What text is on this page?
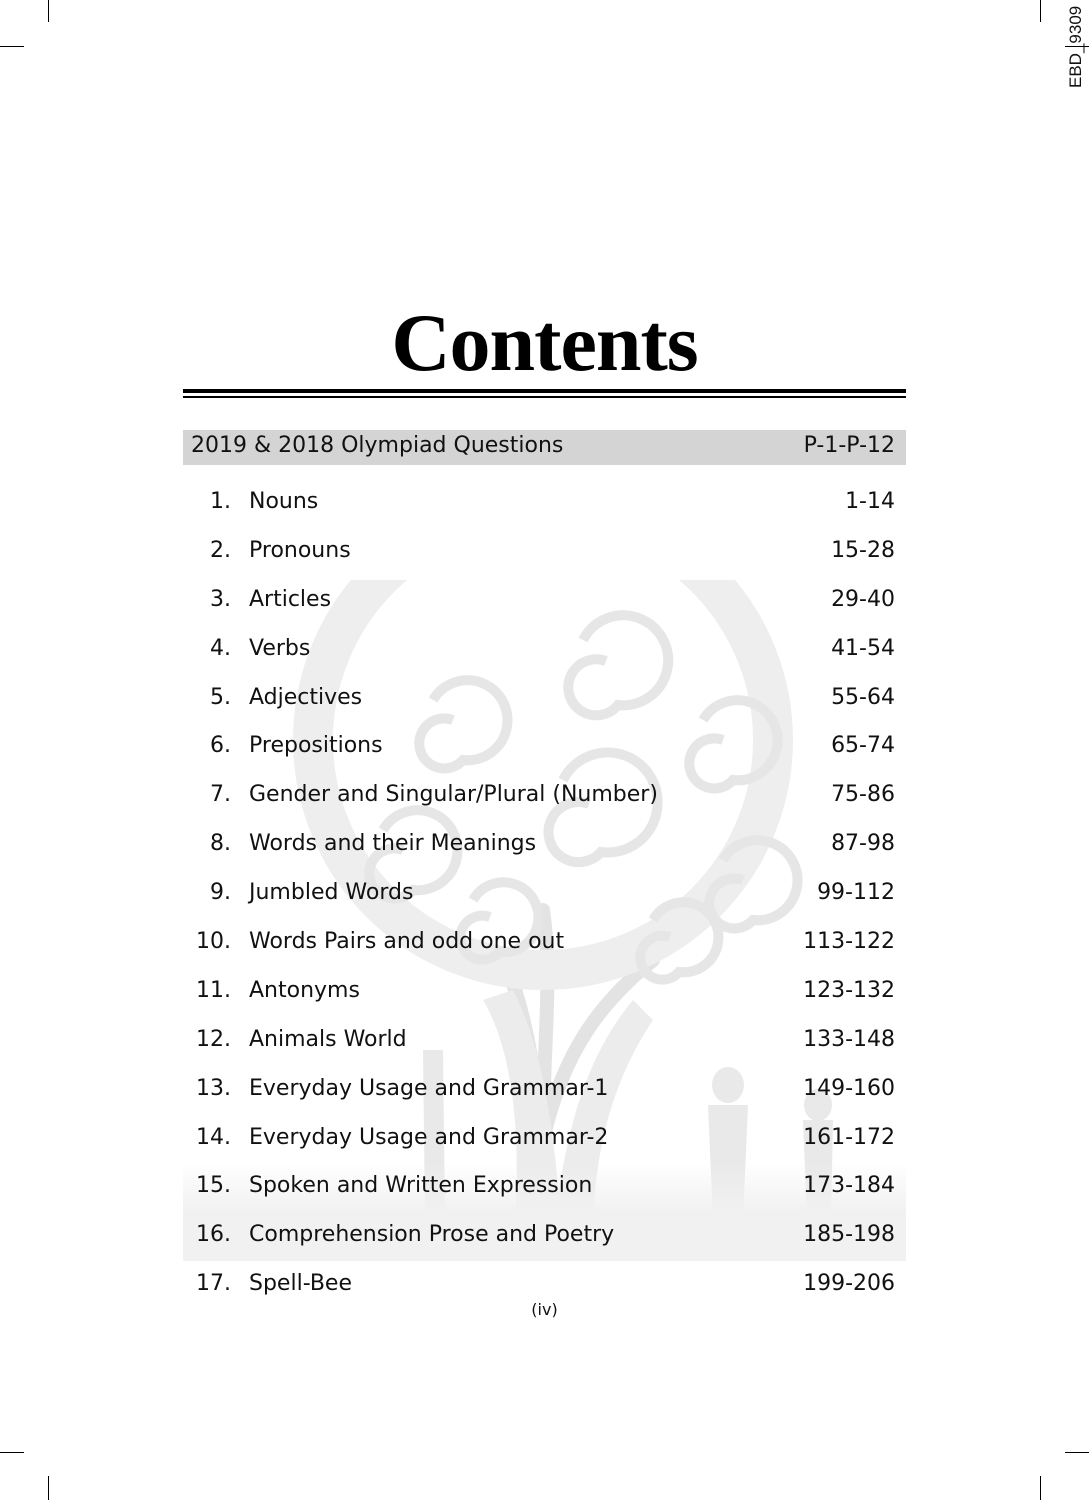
EBD_9309
Contents
2019 & 2018 Olympiad Questions	P-1-P-12
1. Nouns	1-14
2. Pronouns	15-28
3. Articles	29-40
4. Verbs	41-54
5. Adjectives	55-64
6. Prepositions	65-74
7. Gender and Singular/Plural (Number)	75-86
8. Words and their Meanings	87-98
9. Jumbled Words	99-112
10. Words Pairs and odd one out	113-122
11. Antonyms	123-132
12. Animals World	133-148
13. Everyday Usage and Grammar-1	149-160
14. Everyday Usage and Grammar-2	161-172
15. Spoken and Written Expression	173-184
16. Comprehension Prose and Poetry	185-198
17. Spell-Bee	199-206
(iv)
